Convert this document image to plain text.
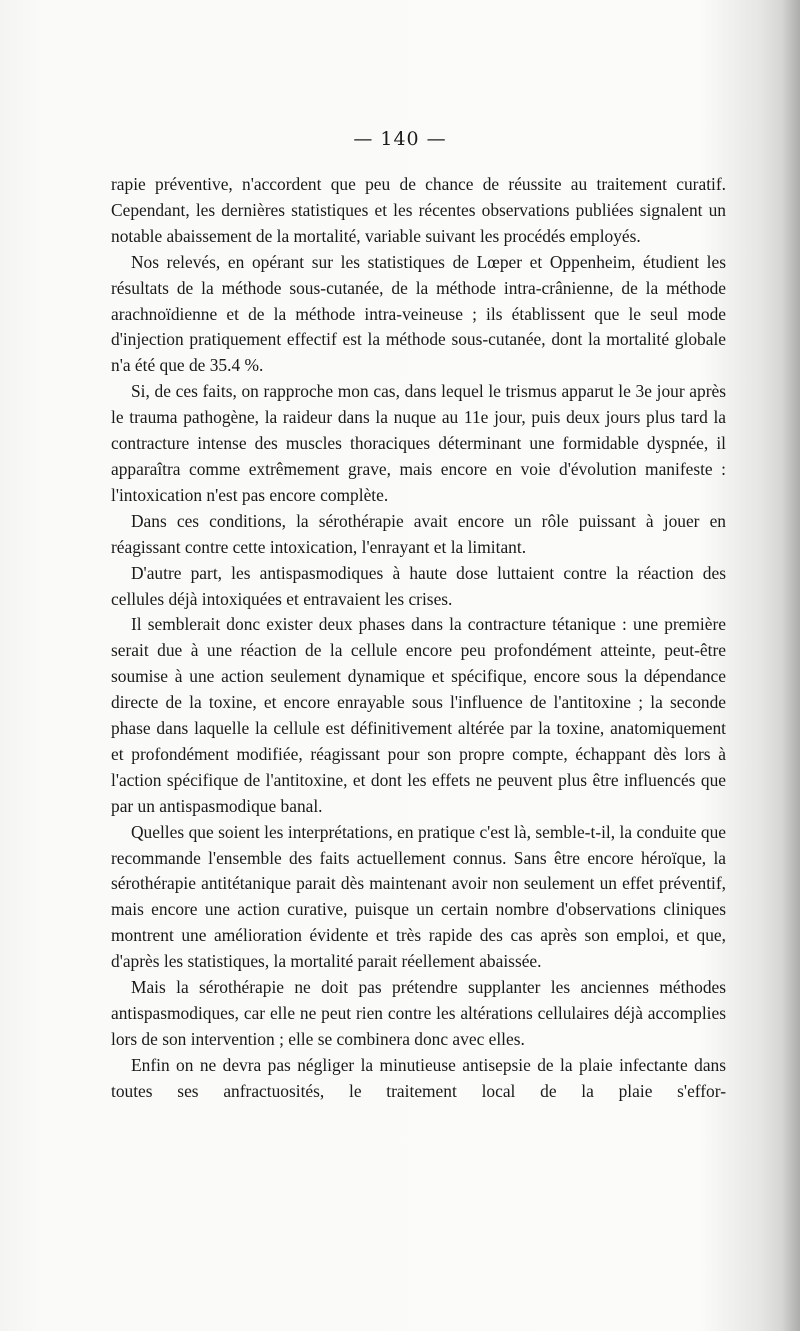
— 140 —

rapie préventive, n'accordent que peu de chance de réussite au traitement curatif. Cependant, les dernières statistiques et les récentes observations publiées signalent un notable abaissement de la mortalité, variable suivant les procédés employés.

Nos relevés, en opérant sur les statistiques de Lœper et Oppenheim, étudient les résultats de la méthode sous-cutanée, de la méthode intra-crânienne, de la méthode arachnoïdienne et de la méthode intra-veineuse ; ils établissent que le seul mode d'injection pratiquement effectif est la méthode sous-cutanée, dont la mortalité globale n'a été que de 35.4 %.

Si, de ces faits, on rapproche mon cas, dans lequel le trismus apparut le 3e jour après le trauma pathogène, la raideur dans la nuque au 11e jour, puis deux jours plus tard la contracture intense des muscles thoraciques déterminant une formidable dyspnée, il apparaîtra comme extrêmement grave, mais encore en voie d'évolution manifeste : l'intoxication n'est pas encore complète.

Dans ces conditions, la sérothérapie avait encore un rôle puissant à jouer en réagissant contre cette intoxication, l'enrayant et la limitant.

D'autre part, les antispasmodiques à haute dose luttaient contre la réaction des cellules déjà intoxiquées et entravaient les crises.

Il semblerait donc exister deux phases dans la contracture tétanique : une première serait due à une réaction de la cellule encore peu profondément atteinte, peut-être soumise à une action seulement dynamique et spécifique, encore sous la dépendance directe de la toxine, et encore enrayable sous l'influence de l'antitoxine ; la seconde phase dans laquelle la cellule est définitivement altérée par la toxine, anatomiquement et profondément modifiée, réagissant pour son propre compte, échappant dès lors à l'action spécifique de l'antitoxine, et dont les effets ne peuvent plus être influencés que par un antispasmodique banal.

Quelles que soient les interprétations, en pratique c'est là, semble-t-il, la conduite que recommande l'ensemble des faits actuellement connus. Sans être encore héroïque, la sérothérapie antitétanique parait dès maintenant avoir non seulement un effet préventif, mais encore une action curative, puisque un certain nombre d'observations cliniques montrent une amélioration évidente et très rapide des cas après son emploi, et que, d'après les statistiques, la mortalité parait réellement abaissée.

Mais la sérothérapie ne doit pas prétendre supplanter les anciennes méthodes antispasmodiques, car elle ne peut rien contre les altérations cellulaires déjà accomplies lors de son intervention ; elle se combinera donc avec elles.

Enfin on ne devra pas négliger la minutieuse antisepsie de la plaie infectante dans toutes ses anfractuosités, le traitement local de la plaie s'effor-
